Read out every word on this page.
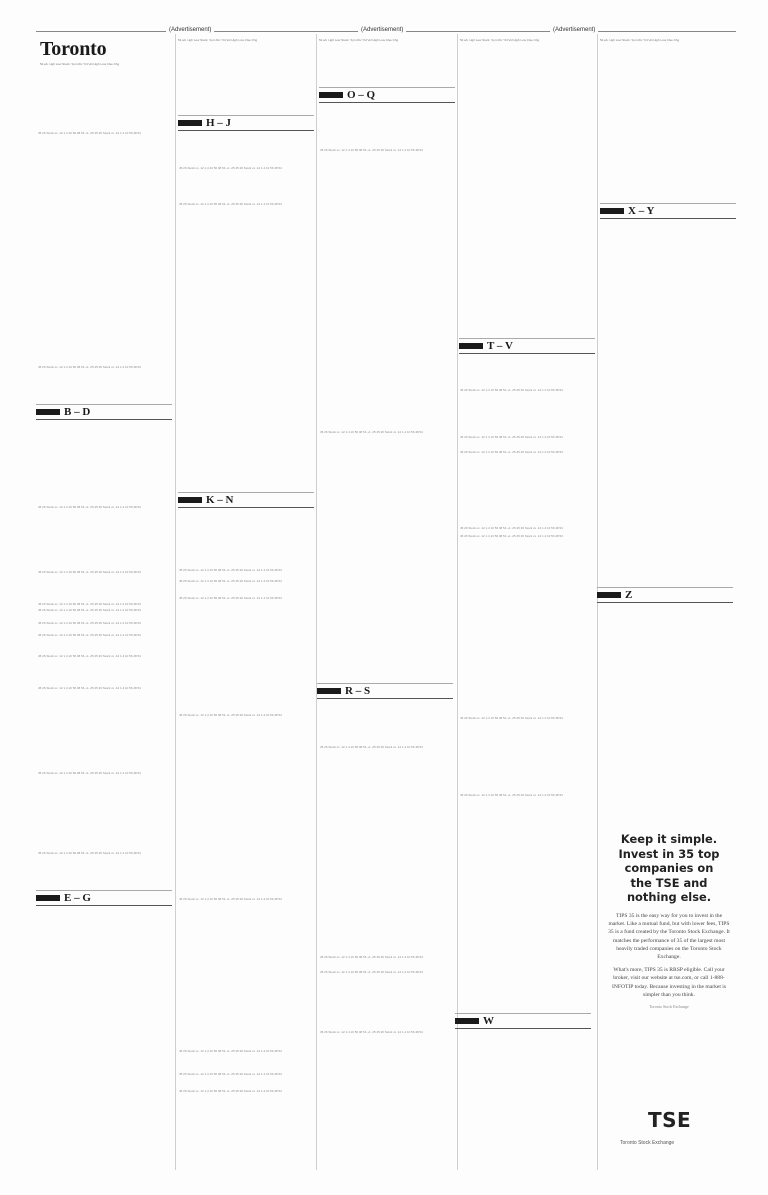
(Advertisement)	(Advertisement)	(Advertisement)
Toronto
52 wk  Hgh Low Stock  Sym Div Yld Vol High Low Clse Chg
52 wk  Hgh Low Stock  Sym Div Yld Vol High Low Clse Chg	52 wk  Hgh Low Stock  Sym Div Yld Vol High Low Clse Chg	52 wk  Hgh Low Stock  Sym Div Yld Vol High Low Clse Chg	52 wk  Hgh Low Stock  Sym Div Yld Vol High Low Clse Chg
B – D
E – G
H – J
K – N
O – Q
R – S
T – V
W
X – Y
Z
45 26 Stock xx .12 1.4 10 56 48 54 +1 .25 45 26 Stock xx .12 1.4 10 56 48 54
45 26 Stock xx .12 1.4 10 56 48 54 +1 .25 45 26 Stock xx .12 1.4 10 56 48 54
45 26 Stock xx .12 1.4 10 56 48 54 +1 .25 45 26 Stock xx .12 1.4 10 56 48 54
45 26 Stock xx .12 1.4 10 56 48 54 +1 .25 45 26 Stock xx .12 1.4 10 56 48 54
45 26 Stock xx .12 1.4 10 56 48 54 +1 .25 45 26 Stock xx .12 1.4 10 56 48 54
45 26 Stock xx .12 1.4 10 56 48 54 +1 .25 45 26 Stock xx .12 1.4 10 56 48 54
45 26 Stock xx .12 1.4 10 56 48 54 +1 .25 45 26 Stock xx .12 1.4 10 56 48 54
45 26 Stock xx .12 1.4 10 56 48 54 +1 .25 45 26 Stock xx .12 1.4 10 56 48 54
45 26 Stock xx .12 1.4 10 56 48 54 +1 .25 45 26 Stock xx .12 1.4 10 56 48 54
45 26 Stock xx .12 1.4 10 56 48 54 +1 .25 45 26 Stock xx .12 1.4 10 56 48 54
45 26 Stock xx .12 1.4 10 56 48 54 +1 .25 45 26 Stock xx .12 1.4 10 56 48 54
45 26 Stock xx .12 1.4 10 56 48 54 +1 .25 45 26 Stock xx .12 1.4 10 56 48 54
45 26 Stock xx .12 1.4 10 56 48 54 +1 .25 45 26 Stock xx .12 1.4 10 56 48 54
45 26 Stock xx .12 1.4 10 56 48 54 +1 .25 45 26 Stock xx .12 1.4 10 56 48 54
45 26 Stock xx .12 1.4 10 56 48 54 +1 .25 45 26 Stock xx .12 1.4 10 56 48 54
45 26 Stock xx .12 1.4 10 56 48 54 +1 .25 45 26 Stock xx .12 1.4 10 56 48 54
45 26 Stock xx .12 1.4 10 56 48 54 +1 .25 45 26 Stock xx .12 1.4 10 56 48 54
45 26 Stock xx .12 1.4 10 56 48 54 +1 .25 45 26 Stock xx .12 1.4 10 56 48 54
45 26 Stock xx .12 1.4 10 56 48 54 +1 .25 45 26 Stock xx .12 1.4 10 56 48 54
45 26 Stock xx .12 1.4 10 56 48 54 +1 .25 45 26 Stock xx .12 1.4 10 56 48 54
45 26 Stock xx .12 1.4 10 56 48 54 +1 .25 45 26 Stock xx .12 1.4 10 56 48 54
45 26 Stock xx .12 1.4 10 56 48 54 +1 .25 45 26 Stock xx .12 1.4 10 56 48 54
45 26 Stock xx .12 1.4 10 56 48 54 +1 .25 45 26 Stock xx .12 1.4 10 56 48 54
45 26 Stock xx .12 1.4 10 56 48 54 +1 .25 45 26 Stock xx .12 1.4 10 56 48 54
45 26 Stock xx .12 1.4 10 56 48 54 +1 .25 45 26 Stock xx .12 1.4 10 56 48 54
45 26 Stock xx .12 1.4 10 56 48 54 +1 .25 45 26 Stock xx .12 1.4 10 56 48 54
45 26 Stock xx .12 1.4 10 56 48 54 +1 .25 45 26 Stock xx .12 1.4 10 56 48 54
45 26 Stock xx .12 1.4 10 56 48 54 +1 .25 45 26 Stock xx .12 1.4 10 56 48 54
45 26 Stock xx .12 1.4 10 56 48 54 +1 .25 45 26 Stock xx .12 1.4 10 56 48 54
45 26 Stock xx .12 1.4 10 56 48 54 +1 .25 45 26 Stock xx .12 1.4 10 56 48 54
45 26 Stock xx .12 1.4 10 56 48 54 +1 .25 45 26 Stock xx .12 1.4 10 56 48 54
45 26 Stock xx .12 1.4 10 56 48 54 +1 .25 45 26 Stock xx .12 1.4 10 56 48 54
45 26 Stock xx .12 1.4 10 56 48 54 +1 .25 45 26 Stock xx .12 1.4 10 56 48 54
45 26 Stock xx .12 1.4 10 56 48 54 +1 .25 45 26 Stock xx .12 1.4 10 56 48 54
45 26 Stock xx .12 1.4 10 56 48 54 +1 .25 45 26 Stock xx .12 1.4 10 56 48 54
Keep it simple.
Invest in 35 top
companies on
the TSE and
nothing else.
TIPS 35 is the easy way for you to invest in the market. Like a mutual fund, but with lower fees, TIPS 35 is a fund created by the Toronto Stock Exchange. It matches the performance of 35 of the largest most heavily traded companies on the Toronto Stock Exchange.
What's more, TIPS 35 is RRSP eligible. Call your broker, visit our website at tse.com, or call 1-888-INFOTIP today. Because investing in the market is simpler than you think.
Toronto Stock Exchange
TSE
Toronto Stock Exchange
